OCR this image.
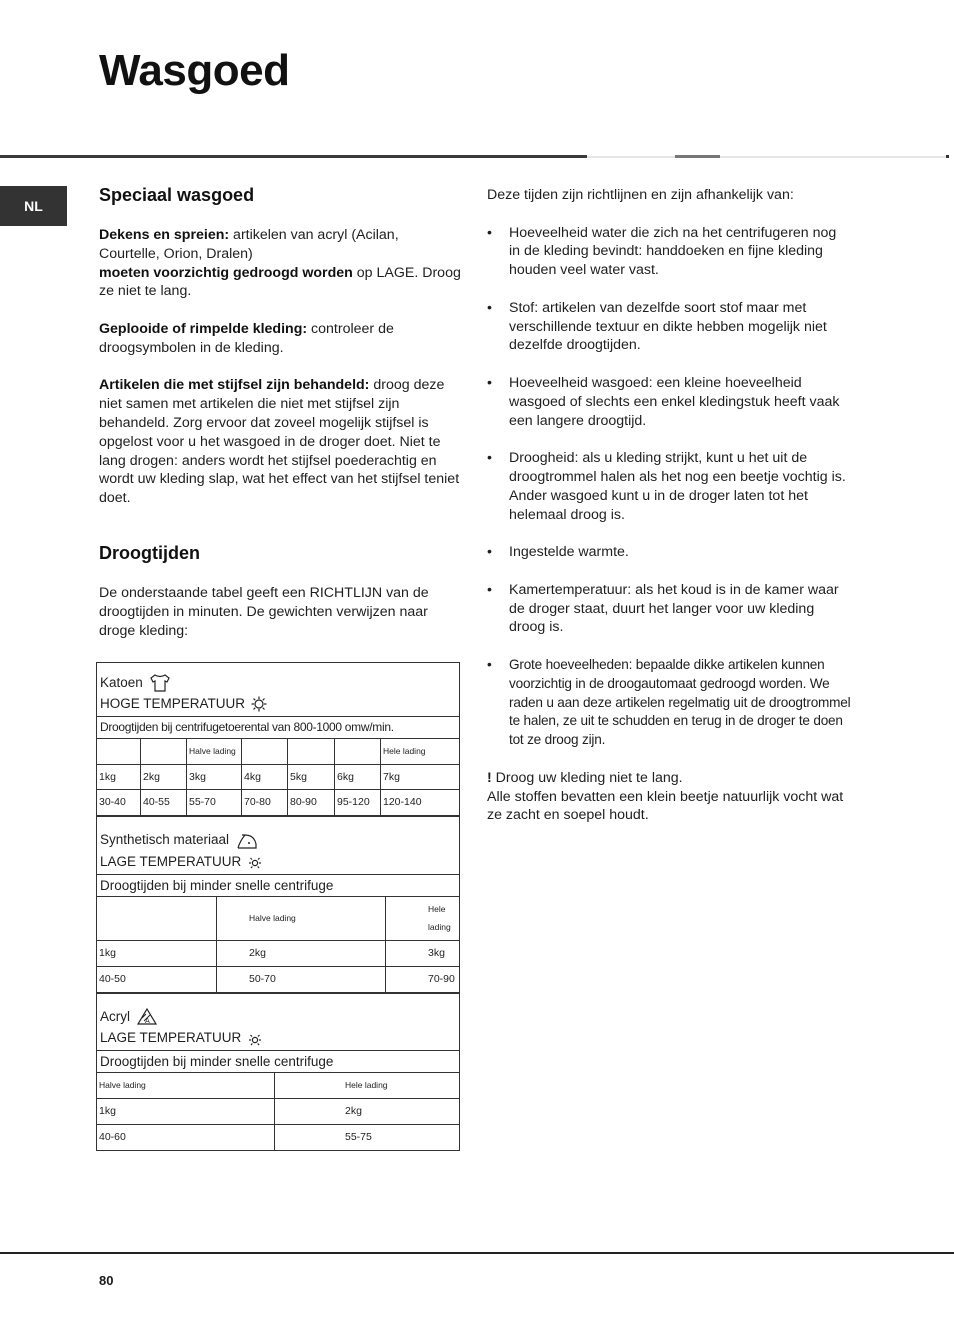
Wasgoed
NL
Speciaal wasgoed

Dekens en spreien: artikelen van acryl (Acilan, Courtelle, Orion, Dralen)
moeten voorzichtig gedroogd worden op LAGE. Droog ze niet te lang.

Geplooide of rimpelde kleding: controleer de droogsymbolen in de kleding.

Artikelen die met stijfsel zijn behandeld: droog deze niet samen met artikelen die niet met stijfsel zijn behandeld. Zorg ervoor dat zoveel mogelijk stijfsel is opgelost voor u het wasgoed in de droger doet. Niet te lang drogen: anders wordt het stijfsel poederachtig en wordt uw kleding slap, wat het effect van het stijfsel teniet doet.

Droogtijden

De onderstaande tabel geeft een RICHTLIJN van de droogtijden in minuten. De gewichten verwijzen naar droge kleding:

Katoen
HOGE TEMPERATUUR
Droogtijden bij centrifugetoerental van 800-1000 omw/min.
		Halve lading				Hele lading
1kg	2kg	3kg	4kg	5kg	6kg	7kg
30-40	40-55	55-70	70-80	80-90	95-120	120-140
Synthetisch materiaal
LAGE TEMPERATUUR
Droogtijden bij minder snelle centrifuge
	Halve lading	Hele lading
1kg	2kg	3kg
40-50	50-70	70-90
Acryl A
LAGE TEMPERATUUR
Droogtijden bij minder snelle centrifuge
Halve lading	Hele lading
1kg	2kg
40-60	55-75

Deze tijden zijn richtlijnen en zijn afhankelijk van:

• Hoeveelheid water die zich na het centrifugeren nog in de kleding bevindt: handdoeken en fijne kleding houden veel water vast.
• Stof: artikelen van dezelfde soort stof maar met verschillende textuur en dikte hebben mogelijk niet dezelfde droogtijden.
• Hoeveelheid wasgoed: een kleine hoeveelheid wasgoed of slechts een enkel kledingstuk heeft vaak een langere droogtijd.
• Droogheid: als u kleding strijkt, kunt u het uit de droogtrommel halen als het nog een beetje vochtig is. Ander wasgoed kunt u in de droger laten tot het helemaal droog is.
• Ingestelde warmte.
• Kamertemperatuur: als het koud is in de kamer waar de droger staat, duurt het langer voor uw kleding droog is.
• Grote hoeveelheden: bepaalde dikke artikelen kunnen voorzichtig in de droogautomaat gedroogd worden. We raden u aan deze artikelen regelmatig uit de droogtrommel te halen, ze uit te schudden en terug in de droger te doen tot ze droog zijn.

! Droog uw kleding niet te lang.
Alle stoffen bevatten een klein beetje natuurlijk vocht wat ze zacht en soepel houdt.

80
